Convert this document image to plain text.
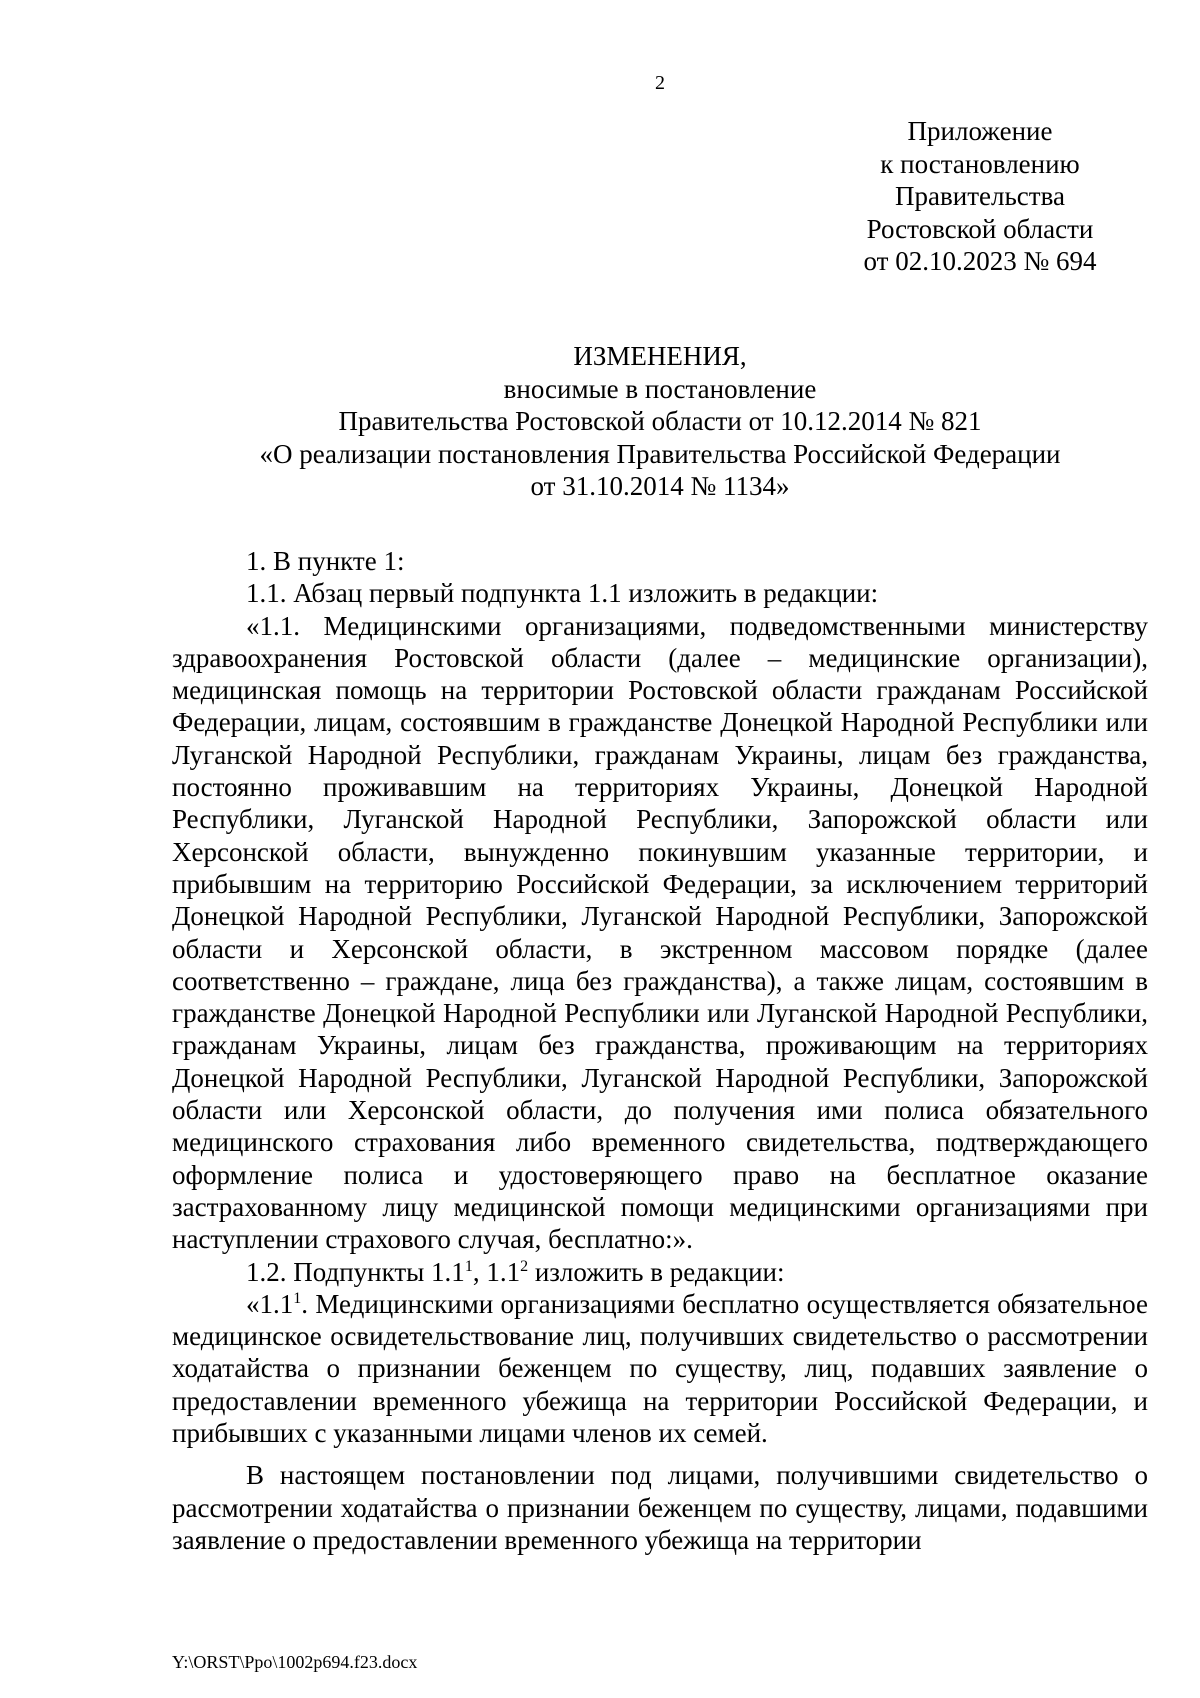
2
Приложение
к постановлению
Правительства
Ростовской области
от 02.10.2023 № 694
ИЗМЕНЕНИЯ,
вносимые в постановление
Правительства Ростовской области от 10.12.2014 № 821
«О реализации постановления Правительства Российской Федерации
от 31.10.2014 № 1134»

1. В пункте 1:

1.1. Абзац первый подпункта 1.1 изложить в редакции:

«1.1. Медицинскими организациями, подведомственными министерству здравоохранения Ростовской области (далее – медицинские организации), медицинская помощь на территории Ростовской области гражданам Российской Федерации, лицам, состоявшим в гражданстве Донецкой Народной Республики или Луганской Народной Республики, гражданам Украины, лицам без гражданства, постоянно проживавшим на территориях Украины, Донецкой Народной Республики, Луганской Народной Республики, Запорожской области или Херсонской области, вынужденно покинувшим указанные территории, и прибывшим на территорию Российской Федерации, за исключением территорий Донецкой Народной Республики, Луганской Народной Республики, Запорожской области и Херсонской области, в экстренном массовом порядке (далее соответственно – граждане, лица без гражданства), а также лицам, состоявшим в гражданстве Донецкой Народной Республики или Луганской Народной Республики, гражданам Украины, лицам без гражданства, проживающим на территориях Донецкой Народной Республики, Луганской Народной Республики, Запорожской области или Херсонской области, до получения ими полиса обязательного медицинского страхования либо временного свидетельства, подтверждающего оформление полиса и удостоверяющего право на бесплатное оказание застрахованному лицу медицинской помощи медицинскими организациями при наступлении страхового случая, бесплатно:».

1.2. Подпункты $1.1^1$, $1.1^2$ изложить в редакции:

«$1.1^1$. Медицинскими организациями бесплатно осуществляется обязательное медицинское освидетельствование лиц, получивших свидетельство о рассмотрении ходатайства о признании беженцем по существу, лиц, подавших заявление о предоставлении временного убежища на территории Российской Федерации, и прибывших с указанными лицами членов их семей.

В настоящем постановлении под лицами, получившими свидетельство о рассмотрении ходатайства о признании беженцем по существу, лицами, подавшими заявление о предоставлении временного убежища на территории

Y:\ORST\Ppo\1002p694.f23.docx
